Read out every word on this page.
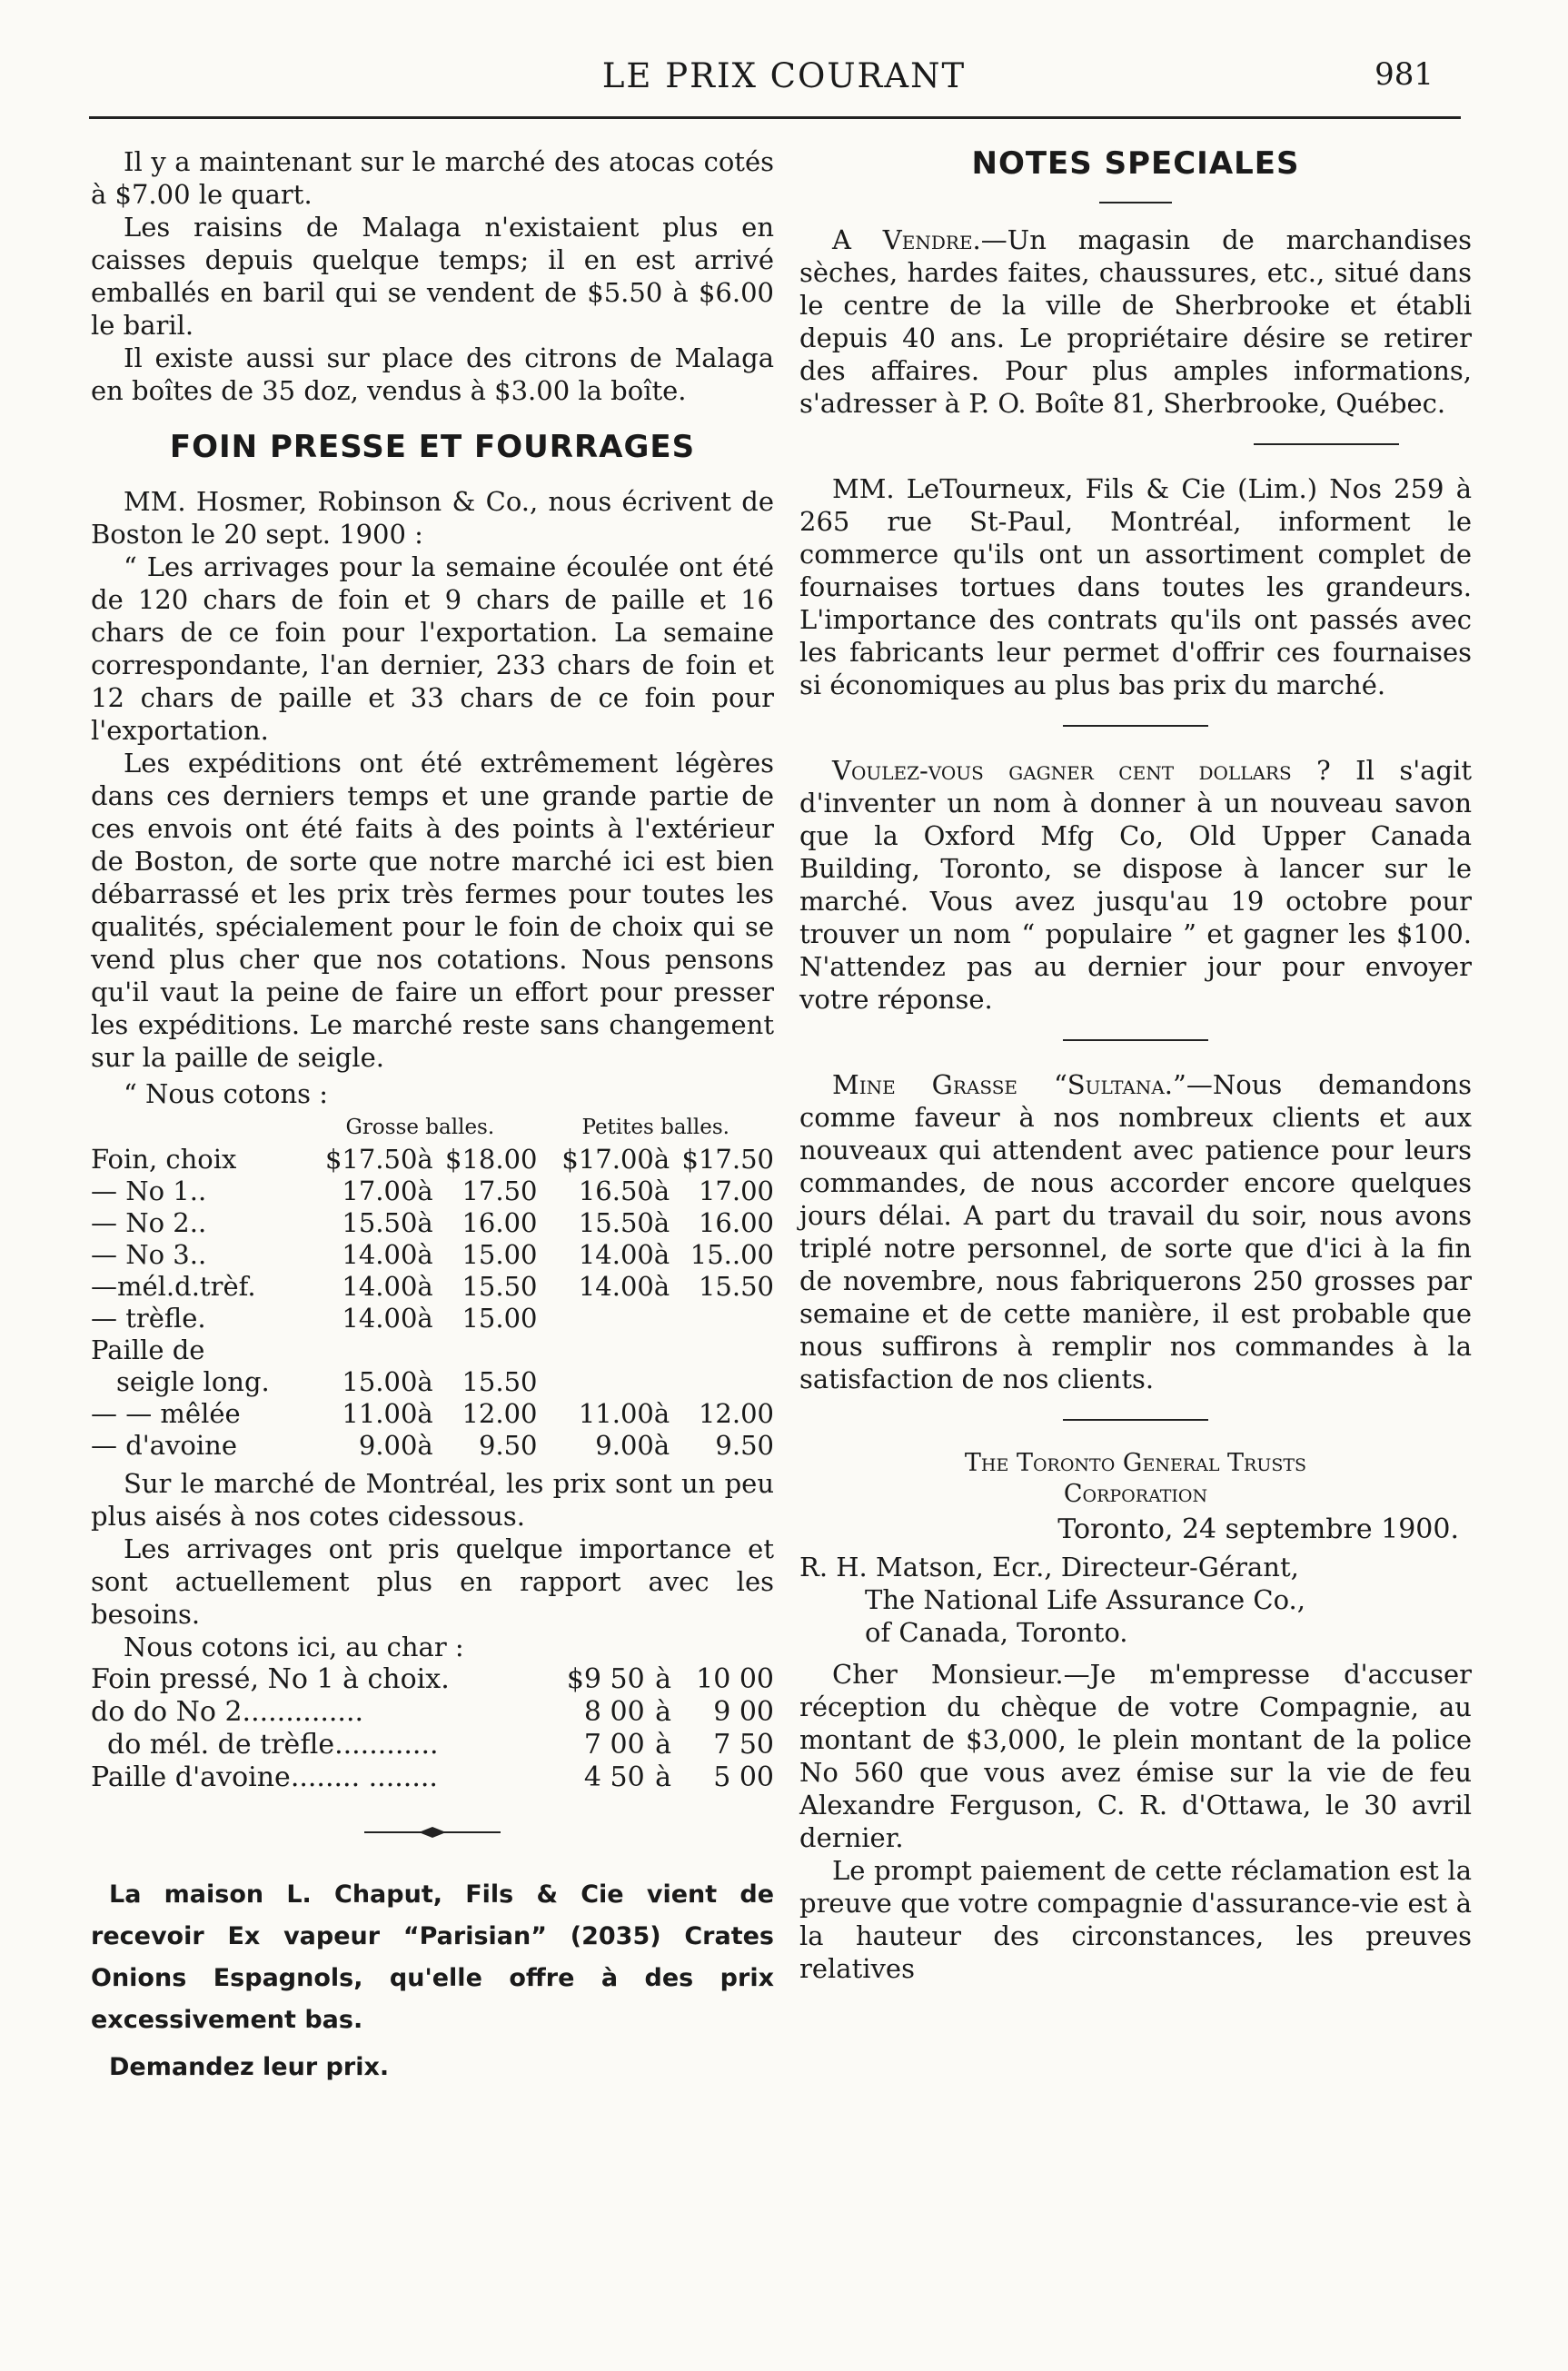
LE PRIX COURANT	981

Il y a maintenant sur le marché des atocas cotés à $7.00 le quart.

Les raisins de Malaga n'existaient plus en caisses depuis quelque temps; il en est arrivé emballés en baril qui se vendent de $5.50 à $6.00 le baril.

Il existe aussi sur place des citrons de Malaga en boîtes de 35 doz, vendus à $3.00 la boîte.

FOIN PRESSE ET FOURRAGES

MM. Hosmer, Robinson & Co., nous écrivent de Boston le 20 sept. 1900 :

“ Les arrivages pour la semaine écoulée ont été de 120 chars de foin et 9 chars de paille et 16 chars de ce foin pour l'exportation. La semaine correspondante, l'an dernier, 233 chars de foin et 12 chars de paille et 33 chars de ce foin pour l'exportation.

Les expéditions ont été extrêmement légères dans ces derniers temps et une grande partie de ces envois ont été faits à des points à l'extérieur de Boston, de sorte que notre marché ici est bien débarrassé et les prix très fermes pour toutes les qualités, spécialement pour le foin de choix qui se vend plus cher que nos cotations. Nous pensons qu'il vaut la peine de faire un effort pour presser les expéditions. Le marché reste sans changement sur la paille de seigle.

“ Nous cotons :

	Grosse balles.			Petites balles.		
Foin, choix	$17.50	à	$18.00	$17.00	à	$17.50
— No 1..	17.00	à	17.50	16.50	à	17.00
— No 2..	15.50	à	16.00	15.50	à	16.00
— No 3..	14.00	à	15.00	14.00	à	15..00
—mél.d.trèf.	14.00	à	15.50	14.00	à	15.50
— trèfle.	14.00	à	15.00			
Paille de						
seigle long.	15.00	à	15.50			
— — mêlée	11.00	à	12.00	11.00	à	12.00
— d'avoine	9.00	à	9.50	9.00	à	9.50

Sur le marché de Montréal, les prix sont un peu plus aisés à nos cotes cidessous.

Les arrivages ont pris quelque importance et sont actuellement plus en rapport avec les besoins.

Nous cotons ici, au char :

Foin pressé, No 1 à choix.	$9 50	à	10 00
do do No 2..............	8 00	à	9 00
do mél. de trèfle............	7 00	à	7 50
Paille d'avoine........ ........	4 50	à	5 00

La maison L. Chaput, Fils & Cie vient de recevoir Ex vapeur “Parisian” (2035) Crates Onions Espagnols, qu'elle offre à des prix excessivement bas.

Demandez leur prix.

NOTES SPECIALES

A Vendre.—Un magasin de marchandises sèches, hardes faites, chaussures, etc., situé dans le centre de la ville de Sherbrooke et établi depuis 40 ans. Le propriétaire désire se retirer des affaires. Pour plus amples informations, s'adresser à P. O. Boîte 81, Sherbrooke, Québec.

MM. LeTourneux, Fils & Cie (Lim.) Nos 259 à 265 rue St-Paul, Montréal, informent le commerce qu'ils ont un assortiment complet de fournaises tortues dans toutes les grandeurs. L'importance des contrats qu'ils ont passés avec les fabricants leur permet d'offrir ces fournaises si économiques au plus bas prix du marché.

Voulez-vous gagner cent dollars ? Il s'agit d'inventer un nom à donner à un nouveau savon que la Oxford Mfg Co, Old Upper Canada Building, Toronto, se dispose à lancer sur le marché. Vous avez jusqu'au 19 octobre pour trouver un nom “ populaire ” et gagner les $100. N'attendez pas au dernier jour pour envoyer votre réponse.

Mine Grasse “Sultana.”—Nous demandons comme faveur à nos nombreux clients et aux nouveaux qui attendent avec patience pour leurs commandes, de nous accorder encore quelques jours délai. A part du travail du soir, nous avons triplé notre personnel, de sorte que d'ici à la fin de novembre, nous fabriquerons 250 grosses par semaine et de cette manière, il est probable que nous suffirons à remplir nos commandes à la satisfaction de nos clients.

The Toronto General Trusts
Corporation
Toronto, 24 septembre 1900.

R. H. Matson, Ecr., Directeur-Gérant,

The National Life Assurance Co.,

of Canada, Toronto.

Cher Monsieur.—Je m'empresse d'accuser réception du chèque de votre Compagnie, au montant de $3,000, le plein montant de la police No 560 que vous avez émise sur la vie de feu Alexandre Ferguson, C. R. d'Ottawa, le 30 avril dernier.

Le prompt paiement de cette réclamation est la preuve que votre compagnie d'assurance-vie est à la hauteur des circonstances, les preuves relatives
